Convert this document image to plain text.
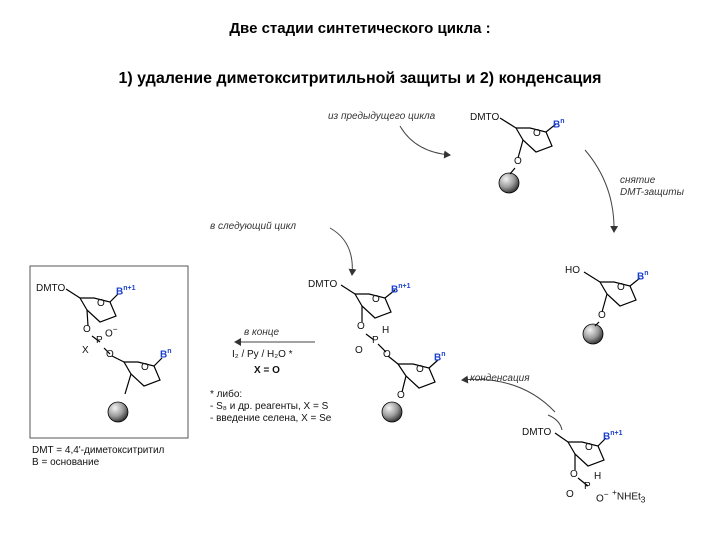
Две стадии синтетического цикла :
1) удаление диметокситритильной защиты и 2) конденсация
из предыдущего цикла
снятие
DMT-защиты
в следующий цикл
конденсация
в конце
I₂ / Py / H₂O *
X = O
* либо:
- S₈ и др. реагенты, X = S
- введение селена, X = Se
DMT = 4,4'-диметокситритил
B = основание
DMTO
O
$B^n$
O
HO
O
$B^n$
O
DMTO
O
$B^{n+1}$
O H
P
O O
O
$B^n$
O
DMTO
O
$B^{n+1}$
O H
P
O O− +NHEt$_3$
DMTO
O
$B^{n+1}$
O O−
P
X O
O
$B^n$
